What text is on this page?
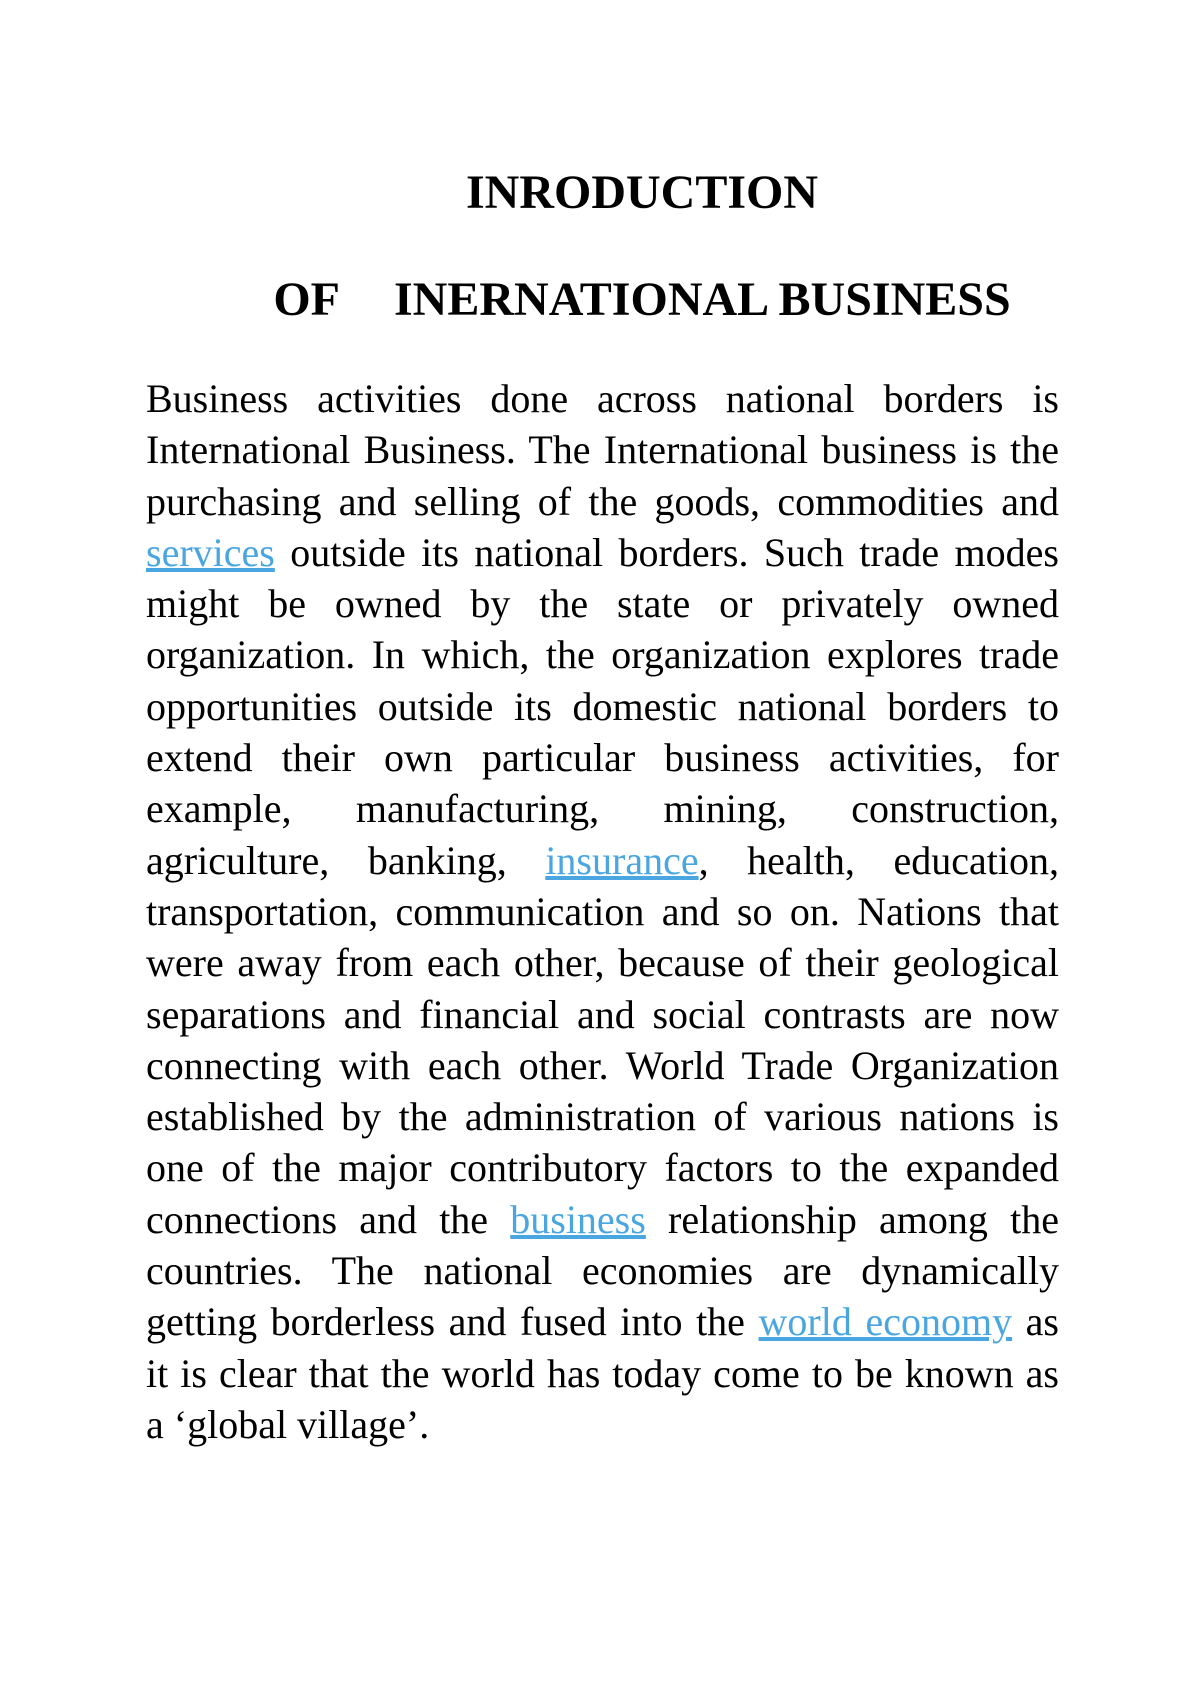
INRODUCTION
OF INERNATIONAL BUSINESS

Business activities done across national borders is International Business. The International business is the purchasing and selling of the goods, commodities and services outside its national borders. Such trade modes might be owned by the state or privately owned organization. In which, the organization explores trade opportunities outside its domestic national borders to extend their own particular business activities, for example, manufacturing, mining, construction, agriculture, banking, insurance, health, education, transportation, communication and so on. Nations that were away from each other, because of their geological separations and financial and social contrasts are now connecting with each other. World Trade Organization established by the administration of various nations is one of the major contributory factors to the expanded connections and the business relationship among the countries. The national economies are dynamically getting borderless and fused into the world economy as it is clear that the world has today come to be known as a ‘global village’.
